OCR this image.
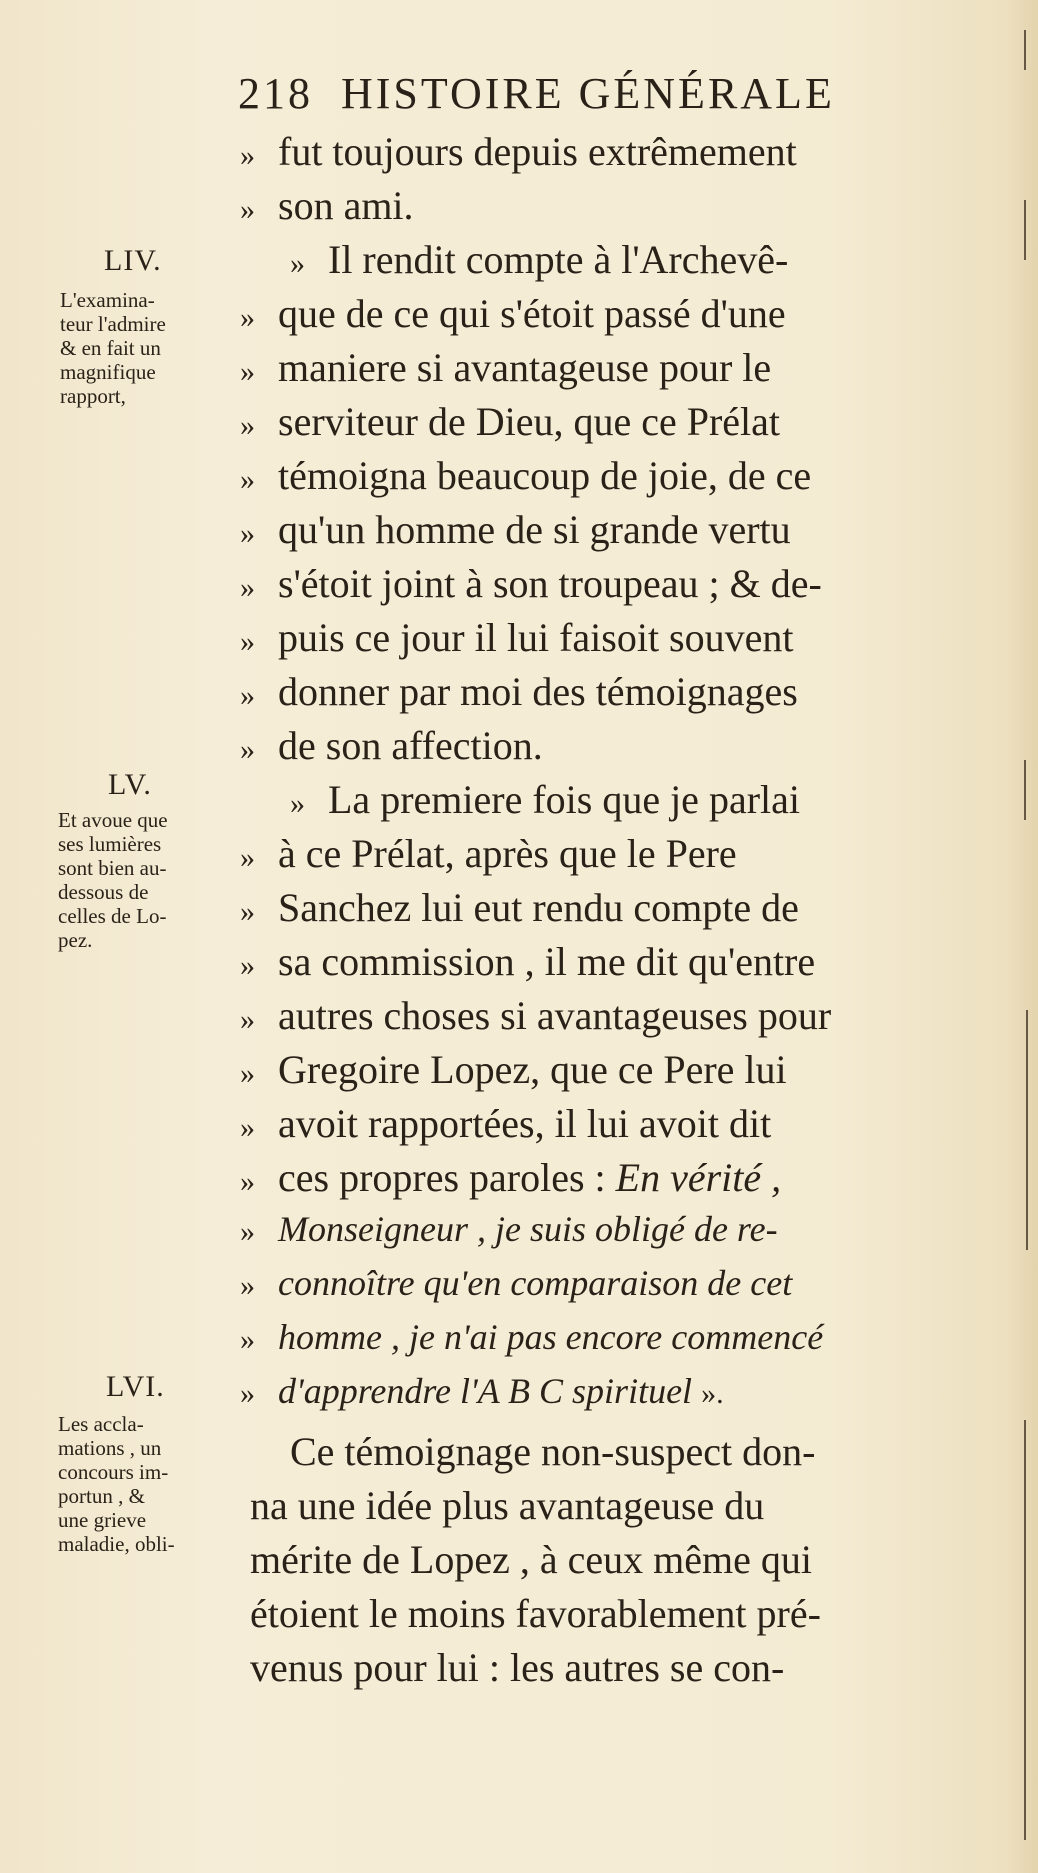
218 HISTOIRE GÉNÉRALE
LIV.
L'examina-
teur l'admire
& en fait un
magnifique
rapport,
LV.
Et avoue que
ses lumières
sont bien au-
dessous de
celles de Lo-
pez.
LVI.
Les accla-
mations , un
concours im-
portun , &
une grieve
maladie, obli-
» fut toujours depuis extrêmement
» son ami.
» Il rendit compte à l'Archevê-
» que de ce qui s'étoit passé d'une
» maniere si avantageuse pour le
» serviteur de Dieu, que ce Prélat
» témoigna beaucoup de joie, de ce
» qu'un homme de si grande vertu
» s'étoit joint à son troupeau ; & de-
» puis ce jour il lui faisoit souvent
» donner par moi des témoignages
» de son affection.
» La premiere fois que je parlai
» à ce Prélat, après que le Pere
» Sanchez lui eut rendu compte de
» sa commission , il me dit qu'entre
» autres choses si avantageuses pour
» Gregoire Lopez, que ce Pere lui
» avoit rapportées, il lui avoit dit
» ces propres paroles : En vérité ,
» Monseigneur , je suis obligé de re-
» connoître qu'en comparaison de cet
» homme , je n'ai pas encore commencé
» d'apprendre l'A B C spirituel ».
Ce témoignage non-suspect don-
na une idée plus avantageuse du
mérite de Lopez , à ceux même qui
étoient le moins favorablement pré-
venus pour lui : les autres se con-
